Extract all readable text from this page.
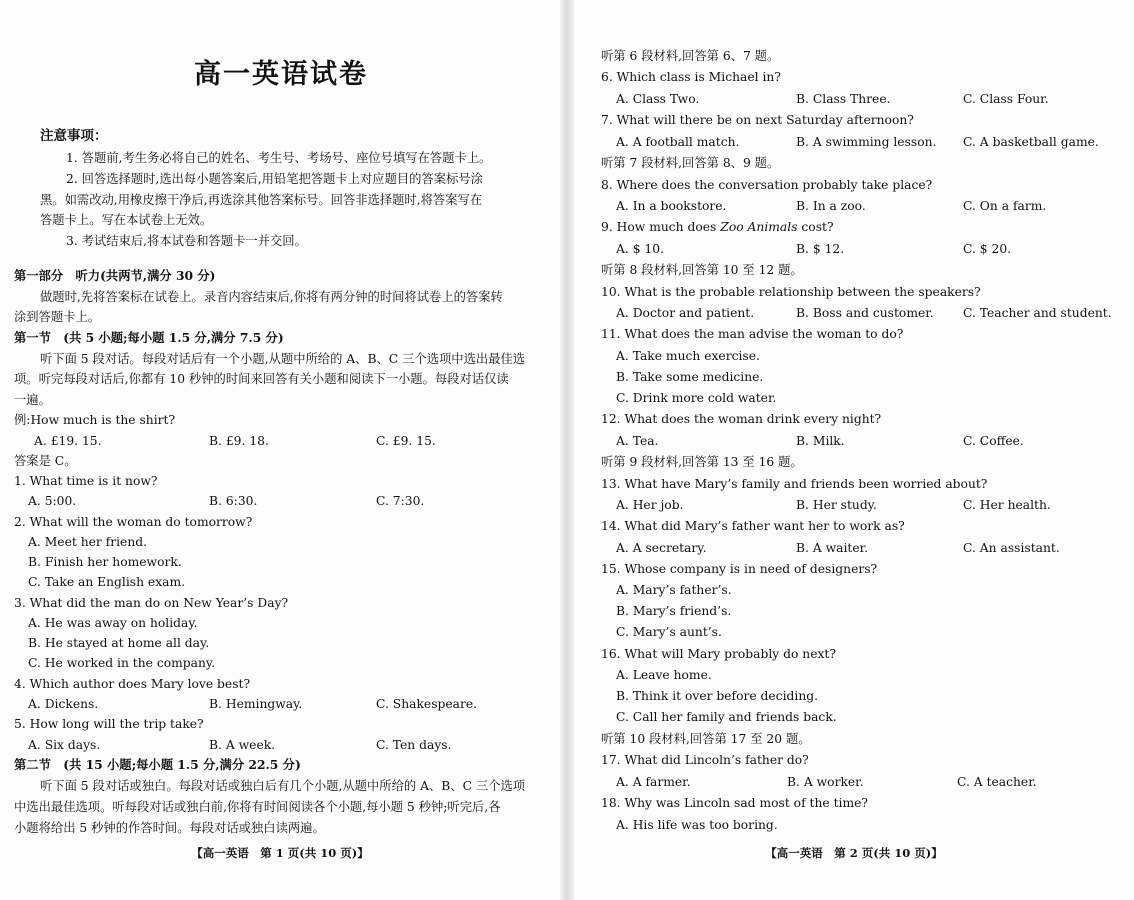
高一英语试卷
注意事项：
1. 答题前,考生务必将自己的姓名、考生号、考场号、座位号填写在答题卡上。
2. 回答选择题时,选出每小题答案后,用铅笔把答题卡上对应题目的答案标号涂
黑。如需改动,用橡皮擦干净后,再选涂其他答案标号。回答非选择题时,将答案写在
答题卡上。写在本试卷上无效。
3. 考试结束后,将本试卷和答题卡一并交回。
第一部分　听力(共两节,满分 30 分)
做题时,先将答案标在试卷上。录音内容结束后,你将有两分钟的时间将试卷上的答案转
涂到答题卡上。
第一节　(共 5 小题;每小题 1.5 分,满分 7.5 分)
听下面 5 段对话。每段对话后有一个小题,从题中所给的 A、B、C 三个选项中选出最佳选
项。听完每段对话后,你都有 10 秒钟的时间来回答有关小题和阅读下一小题。每段对话仅读
一遍。
例:How much is the shirt?
A. £19. 15.	B. £9. 18.	C. £9. 15.
答案是 C。
1. What time is it now?
A. 5:00.	B. 6:30.	C. 7:30.
2. What will the woman do tomorrow?
A. Meet her friend.
B. Finish her homework.
C. Take an English exam.
3. What did the man do on New Year’s Day?
A. He was away on holiday.
B. He stayed at home all day.
C. He worked in the company.
4. Which author does Mary love best?
A. Dickens.	B. Hemingway.	C. Shakespeare.
5. How long will the trip take?
A. Six days.	B. A week.	C. Ten days.
第二节　(共 15 小题;每小题 1.5 分,满分 22.5 分)
听下面 5 段对话或独白。每段对话或独白后有几个小题,从题中所给的 A、B、C 三个选项
中选出最佳选项。听每段对话或独白前,你将有时间阅读各个小题,每小题 5 秒钟;听完后,各
小题将给出 5 秒钟的作答时间。每段对话或独白读两遍。
【高一英语　第 1 页(共 10 页)】
听第 6 段材料,回答第 6、7 题。
6. Which class is Michael in?
A. Class Two.	B. Class Three.	C. Class Four.
7. What will there be on next Saturday afternoon?
A. A football match.	B. A swimming lesson. C. A basketball game.
听第 7 段材料,回答第 8、9 题。
8. Where does the conversation probably take place?
A. In a bookstore.	B. In a zoo.	C. On a farm.
9. How much does Zoo Animals cost?
A. $ 10.	B. $ 12.	C. $ 20.
听第 8 段材料,回答第 10 至 12 题。
10. What is the probable relationship between the speakers?
A. Doctor and patient.	B. Boss and customer. C. Teacher and student.
11. What does the man advise the woman to do?
A. Take much exercise.
B. Take some medicine.
C. Drink more cold water.
12. What does the woman drink every night?
A. Tea.	B. Milk.	C. Coffee.
听第 9 段材料,回答第 13 至 16 题。
13. What have Mary’s family and friends been worried about?
A. Her job.	B. Her study.	C. Her health.
14. What did Mary’s father want her to work as?
A. A secretary.	B. A waiter.	C. An assistant.
15. Whose company is in need of designers?
A. Mary’s father’s.
B. Mary’s friend’s.
C. Mary’s aunt’s.
16. What will Mary probably do next?
A. Leave home.
B. Think it over before deciding.
C. Call her family and friends back.
听第 10 段材料,回答第 17 至 20 题。
17. What did Lincoln’s father do?
A. A farmer.	B. A worker.	C. A teacher.
18. Why was Lincoln sad most of the time?
A. His life was too boring.
【高一英语　第 2 页(共 10 页)】
